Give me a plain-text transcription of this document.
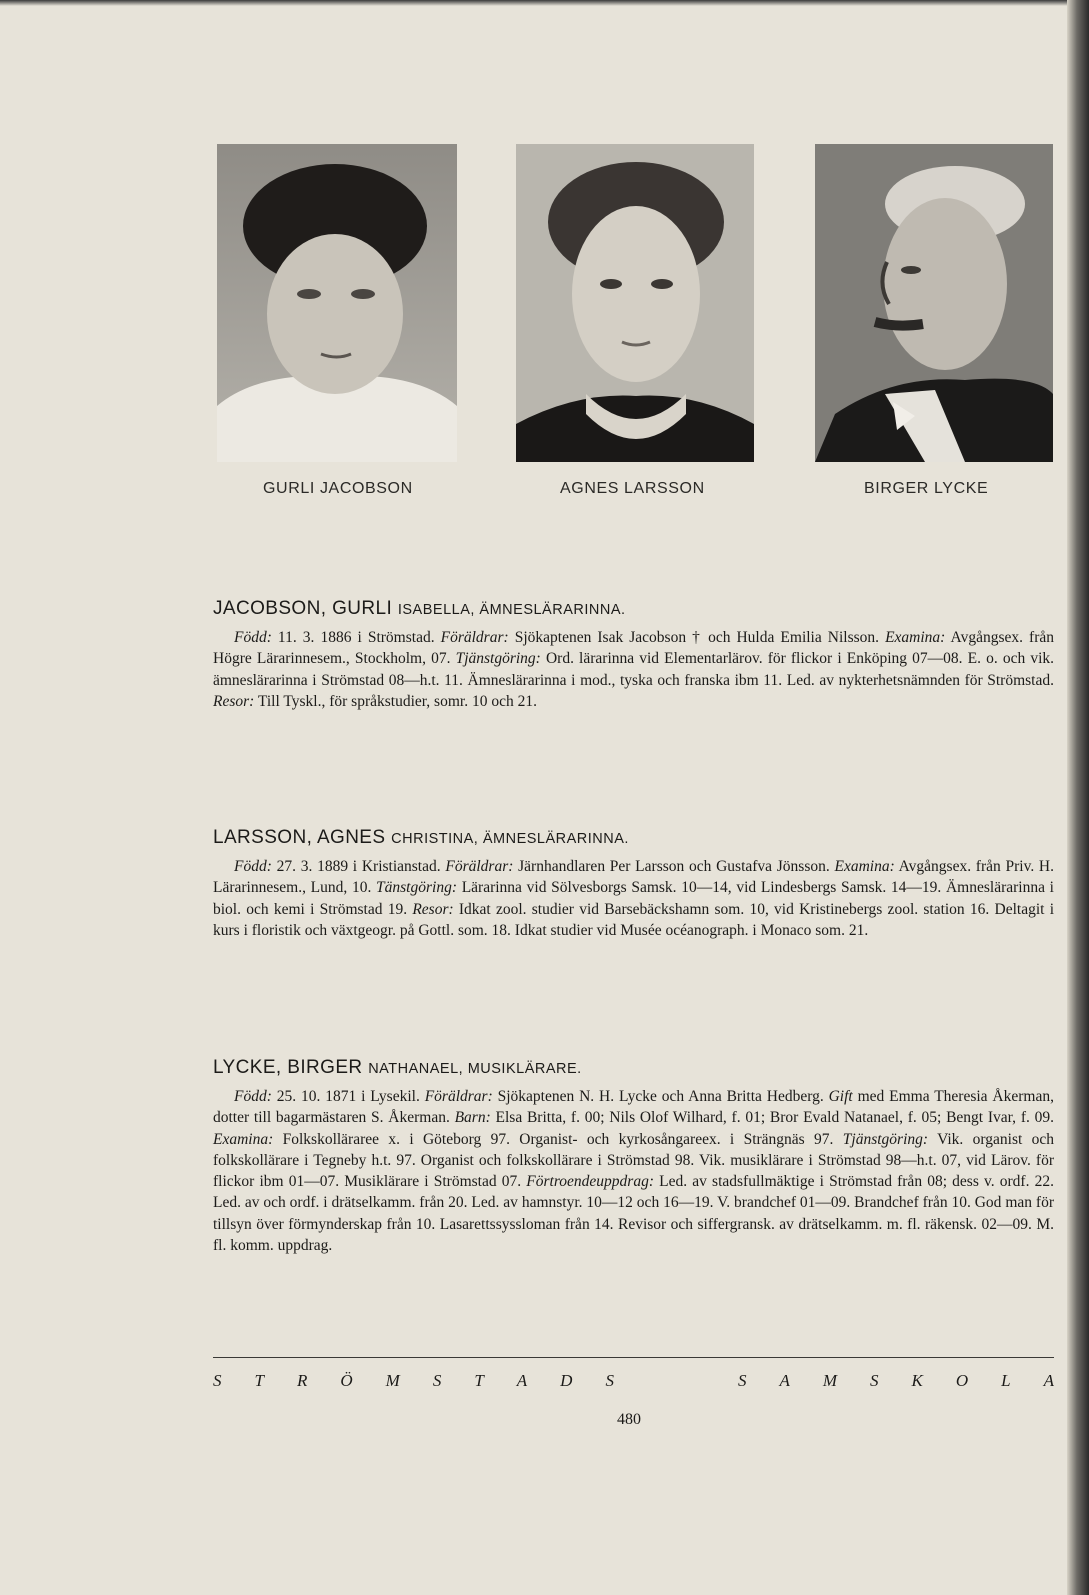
GURLI JACOBSON	AGNES LARSSON	BIRGER LYCKE
JACOBSON, GURLI ISABELLA, ÄMNESLÄRARINNA.

Född: 11. 3. 1886 i Strömstad. Föräldrar: Sjökaptenen Isak Jacobson † och Hulda Emilia Nilsson. Examina: Avgångsex. från Högre Lärarinnesem., Stockholm, 07. Tjänstgöring: Ord. lärarinna vid Elementarlärov. för flickor i Enköping 07—08. E. o. och vik. ämneslärarinna i Strömstad 08—h.t. 11. Ämneslärarinna i mod., tyska och franska ibm 11. Led. av nykterhetsnämnden för Strömstad. Resor: Till Tyskl., för språkstudier, somr. 10 och 21.

LARSSON, AGNES CHRISTINA, ÄMNESLÄRARINNA.

Född: 27. 3. 1889 i Kristianstad. Föräldrar: Järnhandlaren Per Larsson och Gustafva Jönsson. Examina: Avgångsex. från Priv. H. Lärarinnesem., Lund, 10. Tänstgöring: Lärarinna vid Sölvesborgs Samsk. 10—14, vid Lindesbergs Samsk. 14—19. Ämneslärarinna i biol. och kemi i Strömstad 19. Resor: Idkat zool. studier vid Barsebäckshamn som. 10, vid Kristinebergs zool. station 16. Deltagit i kurs i floristik och växtgeogr. på Gottl. som. 18. Idkat studier vid Musée océanograph. i Monaco som. 21.

LYCKE, BIRGER NATHANAEL, MUSIKLÄRARE.

Född: 25. 10. 1871 i Lysekil. Föräldrar: Sjökaptenen N. H. Lycke och Anna Britta Hedberg. Gift med Emma Theresia Åkerman, dotter till bagarmästaren S. Åkerman. Barn: Elsa Britta, f. 00; Nils Olof Wilhard, f. 01; Bror Evald Natanael, f. 05; Bengt Ivar, f. 09. Examina: Folkskolläraree x. i Göteborg 97. Organist- och kyrkosångareex. i Strängnäs 97. Tjänstgöring: Vik. organist och folkskollärare i Tegneby h.t. 97. Organist och folkskollärare i Strömstad 98. Vik. musiklärare i Strömstad 98—h.t. 07, vid Lärov. för flickor ibm 01—07. Musiklärare i Strömstad 07. Förtroendeuppdrag: Led. av stadsfullmäktige i Strömstad från 08; dess v. ordf. 22. Led. av och ordf. i drätselkamm. från 20. Led. av hamnstyr. 10—12 och 16—19. V. brandchef 01—09. Brandchef från 10. God man för tillsyn över förmynderskap från 10. Lasarettssyssloman från 14. Revisor och siffergransk. av drätselkamm. m. fl. räkensk. 02—09. M. fl. komm. uppdrag.

S T R Ö M S T A D S	S A M S K O L A
480
